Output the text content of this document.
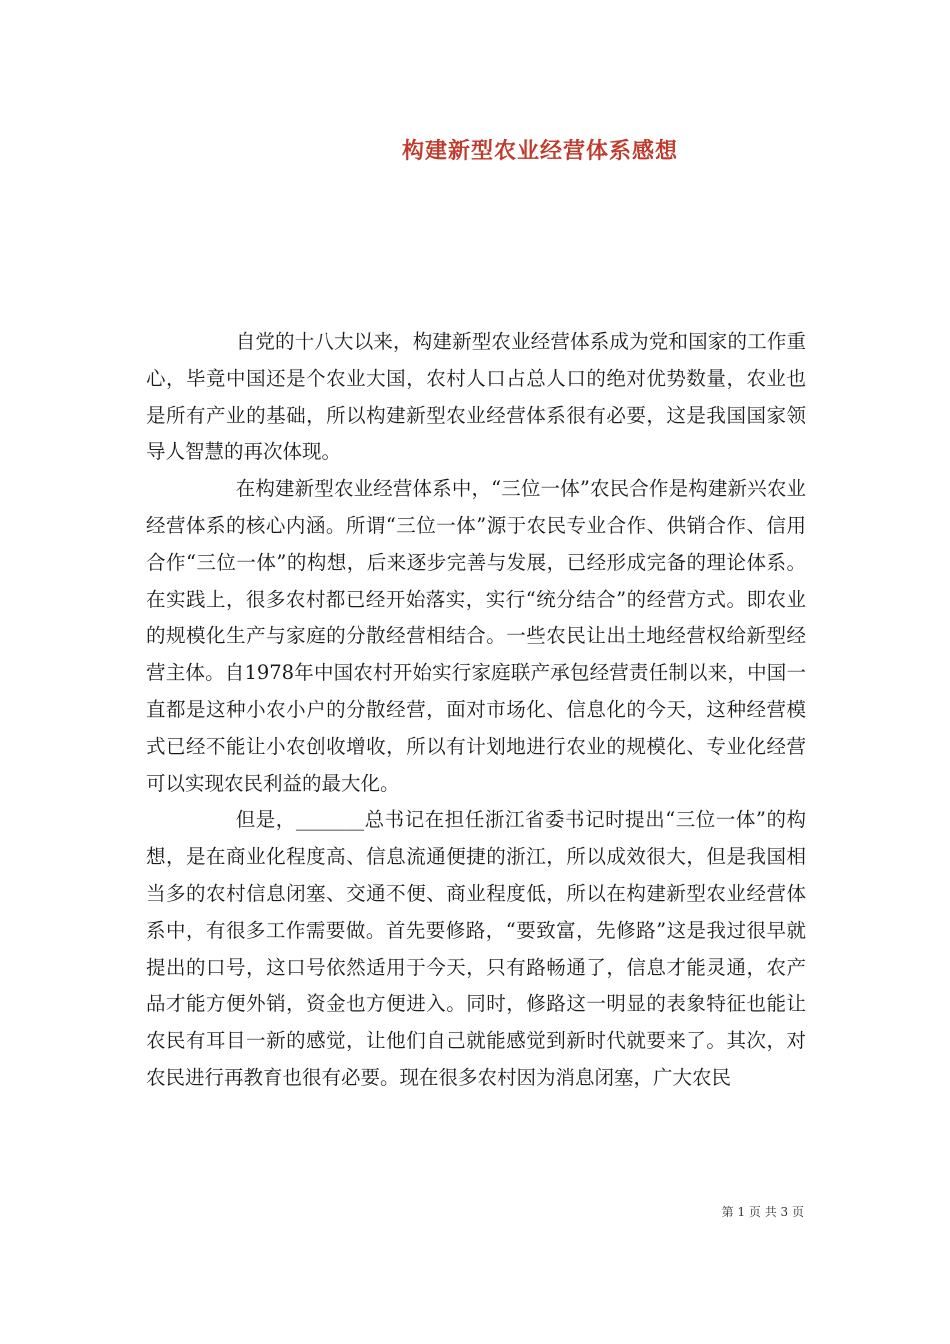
构建新型农业经营体系感想

自党的十八大以来，构建新型农业经营体系成为党和国家的工作重心，毕竟中国还是个农业大国，农村人口占总人口的绝对优势数量，农业也是所有产业的基础，所以构建新型农业经营体系很有必要，这是我国国家领导人智慧的再次体现。

在构建新型农业经营体系中，“三位一体”农民合作是构建新兴农业经营体系的核心内涵。所谓“三位一体”源于农民专业合作、供销合作、信用合作“三位一体”的构想，后来逐步完善与发展，已经形成完备的理论体系。在实践上，很多农村都已经开始落实，实行“统分结合”的经营方式。即农业的规模化生产与家庭的分散经营相结合。一些农民让出土地经营权给新型经营主体。自1978年中国农村开始实行家庭联产承包经营责任制以来，中国一直都是这种小农小户的分散经营，面对市场化、信息化的今天，这种经营模式已经不能让小农创收增收，所以有计划地进行农业的规模化、专业化经营可以实现农民利益的最大化。

但是，_______总书记在担任浙江省委书记时提出“三位一体”的构想，是在商业化程度高、信息流通便捷的浙江，所以成效很大，但是我国相当多的农村信息闭塞、交通不便、商业程度低，所以在构建新型农业经营体系中，有很多工作需要做。首先要修路，“要致富，先修路”这是我过很早就提出的口号，这口号依然适用于今天，只有路畅通了，信息才能灵通，农产品才能方便外销，资金也方便进入。同时，修路这一明显的表象特征也能让农民有耳目一新的感觉，让他们自己就能感觉到新时代就要来了。其次，对农民进行再教育也很有必要。现在很多农村因为消息闭塞，广大农民

第 1 页 共 3 页
